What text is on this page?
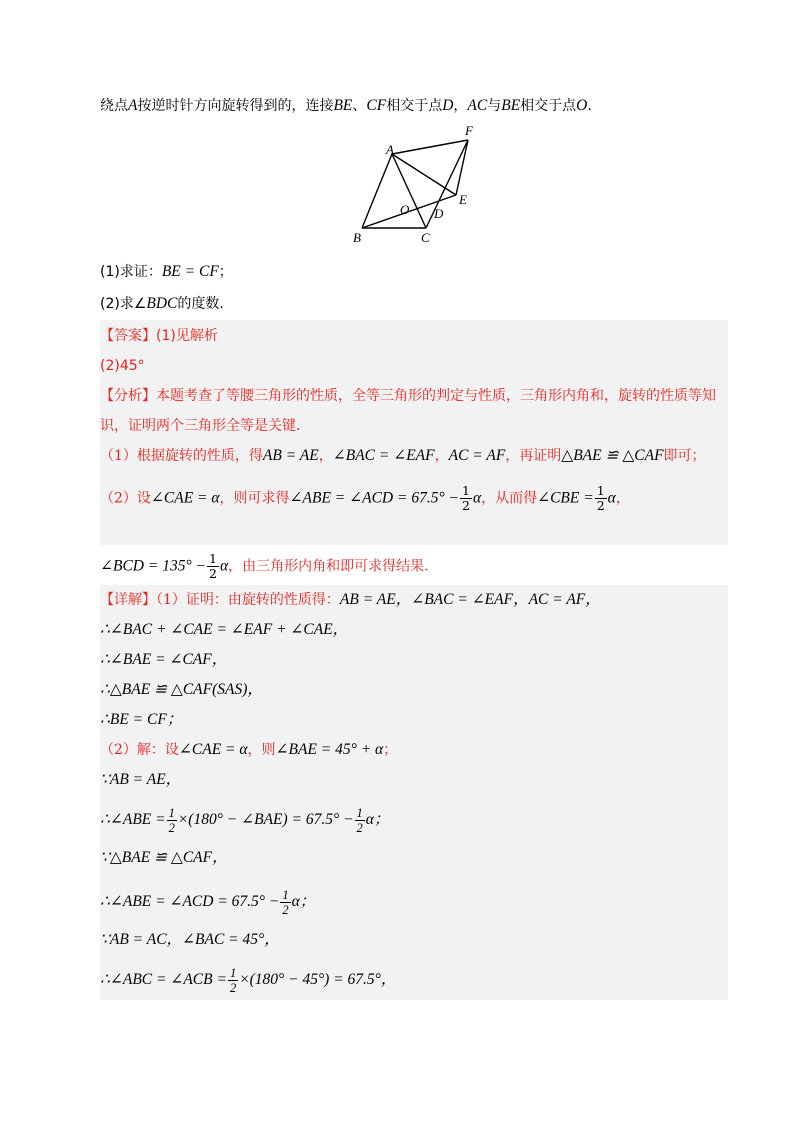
绕点A按逆时针方向旋转得到的，连接BE、CF相交于点D，AC与BE相交于点O.
A
F
E
O D
B	C
(1)求证：BE = CF；
(2)求∠BDC的度数.
【答案】(1)见解析
(2)45°
【分析】本题考查了等腰三角形的性质，全等三角形的判定与性质，三角形内角和，旋转的性质等知
识，证明两个三角形全等是关键.
（1）根据旋转的性质，得AB = AE，∠BAC = ∠EAF，AC = AF，再证明△BAE ≌ △CAF即可；
（2）设∠CAE = α，则可求得∠ABE = ∠ACD = $67.5^\circ - \frac{1}{2}$ α，从而得∠CBE = $\frac{1}{2}$ α，
∠BCD = $135^\circ - \frac{1}{2}$ α，由三角形内角和即可求得结果.
【详解】（1）证明：由旋转的性质得：AB = AE，∠BAC = ∠EAF，AC = AF，
∴∠BAC + ∠CAE = ∠EAF + ∠CAE，
∴∠BAE = ∠CAF，
∴△BAE ≌ △CAF(SAS)，
∴BE = CF；
（2）解：设∠CAE = α，则∠BAE = 45° + α；
∵AB = AE，
∴∠ABE = $\frac{1}{2} \times(180^\circ$ − ∠BAE) = $67.5^\circ - \frac{1}{2}$ α；
∵△BAE ≌ △CAF，
∴∠ABE = ∠ACD = $67.5^\circ - \frac{1}{2}$ α；
∵AB = AC，∠BAC = 45°，
∴∠ABC = ∠ACB = $\frac{1}{2} \times(180^\circ - 45^\circ) = 67.5^\circ$，
